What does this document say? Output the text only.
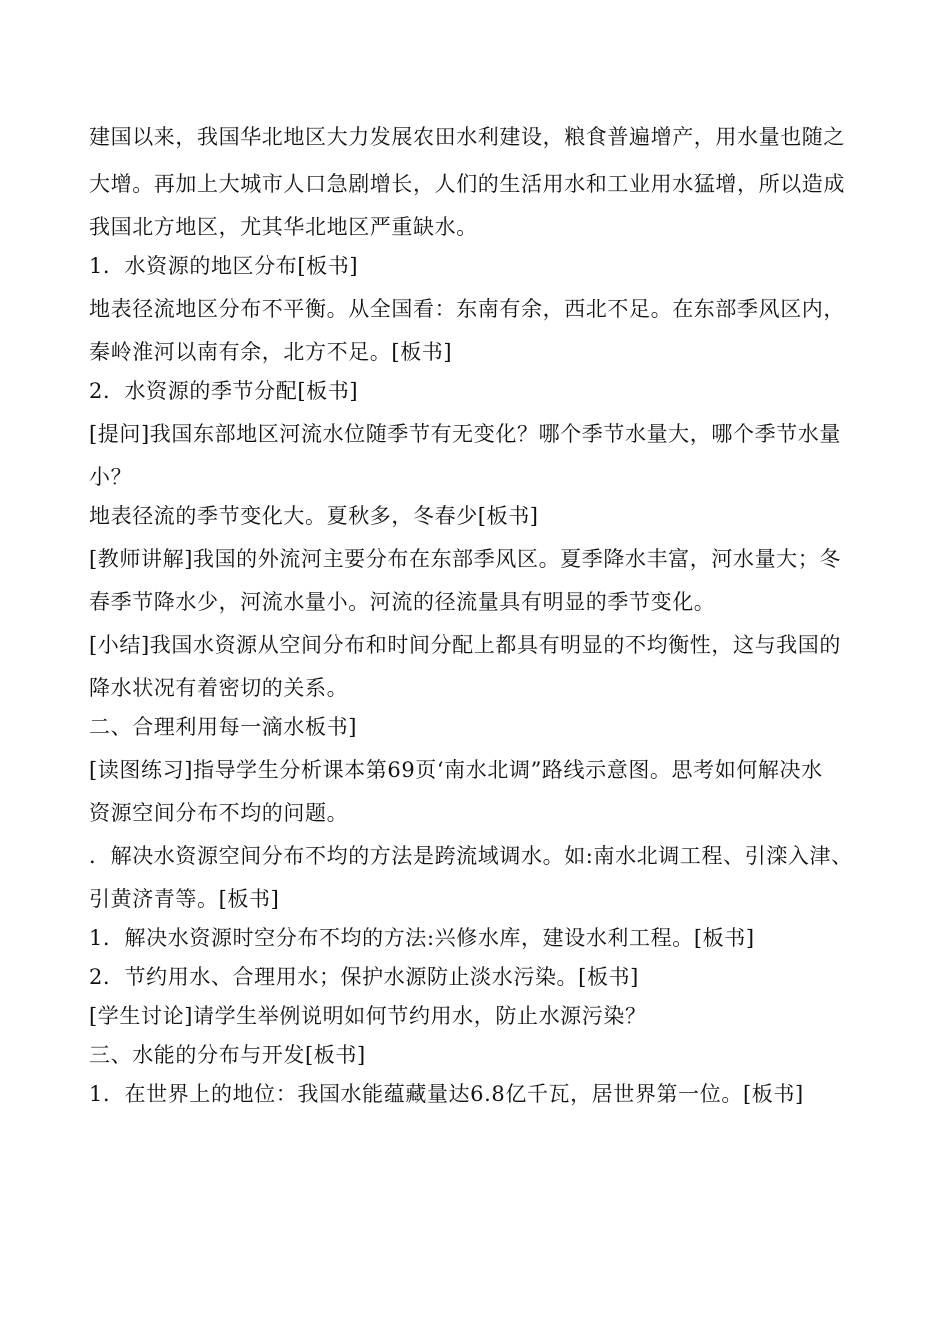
建国以来，我国华北地区大力发展农田水利建设，粮食普遍增产，用水量也随之

大增。再加上大城市人口急剧增长，人们的生活用水和工业用水猛增，所以造成

我国北方地区，尤其华北地区严重缺水。

1．水资源的地区分布[板书]

地表径流地区分布不平衡。从全国看：东南有余，西北不足。在东部季风区内，

秦岭淮河以南有余，北方不足。[板书]

2．水资源的季节分配[板书]

[提问]我国东部地区河流水位随季节有无变化？哪个季节水量大，哪个季节水量

小？

地表径流的季节变化大。夏秋多，冬春少[板书]

[教师讲解]我国的外流河主要分布在东部季风区。夏季降水丰富，河水量大；冬

春季节降水少，河流水量小。河流的径流量具有明显的季节变化。

[小结]我国水资源从空间分布和时间分配上都具有明显的不均衡性，这与我国的

降水状况有着密切的关系。

二、合理利用每一滴水板书]

[读图练习]指导学生分析课本第69页‘南水北调”路线示意图。思考如何解决水

资源空间分布不均的问题。

．解决水资源空间分布不均的方法是跨流域调水。如:南水北调工程、引滦入津、

引黄济青等。[板书]

1．解决水资源时空分布不均的方法:兴修水库，建设水利工程。[板书]

2．节约用水、合理用水；保护水源防止淡水污染。[板书]

[学生讨论]请学生举例说明如何节约用水，防止水源污染？

三、水能的分布与开发[板书]

1．在世界上的地位：我国水能蕴藏量达6.8亿千瓦，居世界第一位。[板书]
